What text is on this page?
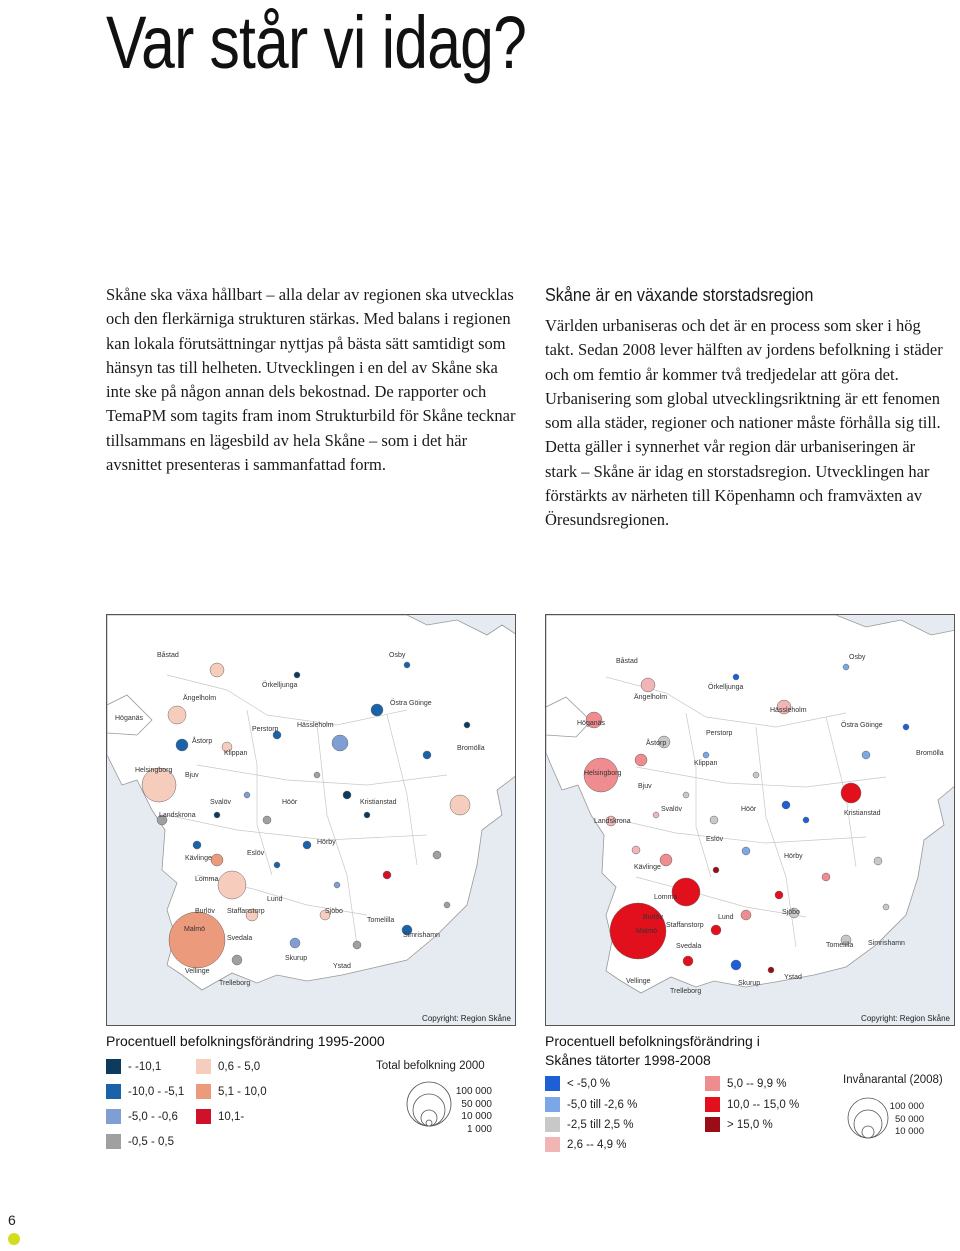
Var står vi idag?
Skåne ska växa hållbart – alla delar av regionen ska utvecklas och den flerkärniga strukturen stärkas. Med balans i regionen kan lokala förutsättningar nyttjas på bästa sätt samtidigt som hänsyn tas till helheten. Utvecklingen i en del av Skåne ska inte ske på någon annan dels bekostnad. De rapporter och TemaPM som tagits fram inom Strukturbild för Skåne tecknar tillsammans en lägesbild av hela Skåne – som i det här avsnittet presenteras i sammanfattad form.
Skåne är en växande storstadsregion

Världen urbaniseras och det är en process som sker i hög takt. Sedan 2008 lever hälften av jordens befolkning i städer och om femtio år kommer två tredjedelar att göra det. Urbanisering som global utvecklingsriktning är ett fenomen som alla städer, regioner och nationer måste förhålla sig till. Detta gäller i synnerhet vår region där urbaniseringen är stark – Skåne är idag en storstadsregion. Utvecklingen har förstärkts av närheten till Köpenhamn och framväxten av Öresundsregionen.

Båstad	Osby
Örkelljunga
Ängelholm
Östra Göinge
Höganäs
Perstorp
Hässleholm
Åstorp
Klippan
Bromölla
Helsingborg
Bjuv
Svalöv	Höör	Kristianstad
Landskrona
Hörby
Eslöv
Kävlinge
Lomma
Lund
Burlöv Staffanstorp	Sjöbo
Tomelilla
Malmö
Svedala	Simrishamn
Skurup
Ystad
Vellinge
Trelleborg
Copyright: Region Skåne
Båstad
Osby
Ängelholm
Örkelljunga
Hässleholm
Höganäs
Perstorp
Östra Göinge
Åstorp
Bromölla
Klippan
Helsingborg
Bjuv
Svalöv	Höör
Kristianstad
Landskrona
Eslöv
Hörby
Kävlinge
Lomma
Burlöv	Lund
Sjöbo
Staffanstorp
Malmö
Svedala	Tomelilla Simrishamn
Ystad
Vellinge	Skurup
Trelleborg
Copyright: Region Skåne
Procentuell befolkningsförändring 1995-2000
- -10,1
-10,0 - -5,1
-5,0 - -0,6
-0,5 - 0,5
0,6 - 5,0
5,1 - 10,0
10,1-
Total befolkning 2000
100 000
50 000
10 000
1 000
Procentuell befolkningsförändring i
Skånes tätorter 1998-2008
< -5,0 %
-5,0 till -2,6 %
-2,5 till 2,5 %
2,6 -- 4,9 %
5,0 -- 9,9 %
10,0 -- 15,0 %
> 15,0 %
Invånarantal (2008)
100 000
50 000
10 000
6
